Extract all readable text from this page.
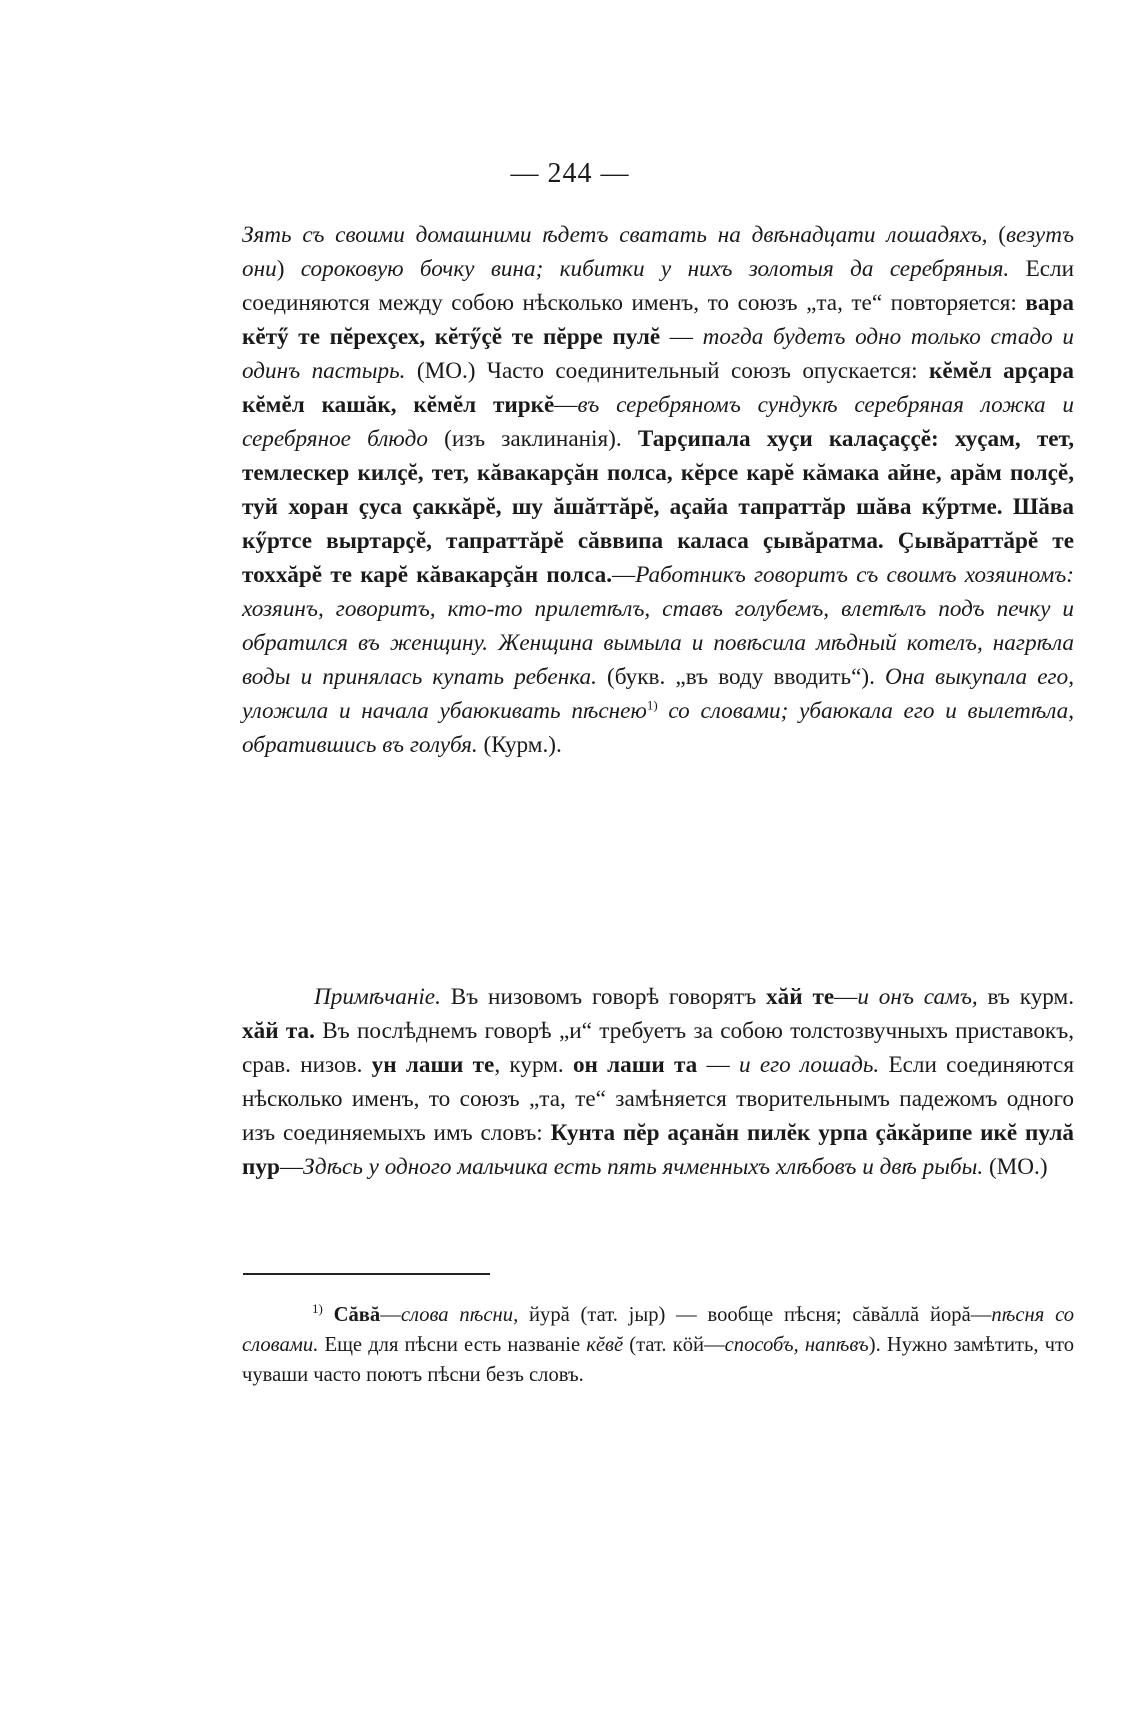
— 244 —
Зять съ своими домашними ѣдетъ сватать на двѣнадцати лошадяхъ, (везутъ они) сороковую бочку вина; кибитки у нихъ золотыя да серебряныя. Если соединяются между собою нѣсколько именъ, то союзъ „та, те“ повторяется: вара кĕтӳ те пĕрехçех, кĕтӳçĕ те пĕрре пулĕ — тогда будетъ одно только стадо и одинъ пастырь. (МО.) Часто соединительный союзъ опускается: кĕмĕл арҫара кĕмĕл кашăк, кĕмĕл тиркĕ—въ серебряномъ сундукѣ серебряная ложка и серебряное блюдо (изъ заклинанія). Тарçипала хуçи калаçаççĕ: хуçам, тет, темлескер килҫĕ, тет, кăвакарçăн полса, кĕрсе карĕ кăмака айне, арăм полҫĕ, туй хоран çуса çаккăрĕ, шу ăшăттăрĕ, аҫайа тапраттăр шăва кӳртме. Шăва кӳртсе выртарҫĕ, тапраттăрĕ сăввипа каласа çывăратма. Çывăраттăрĕ те тоххăрĕ те карĕ кăвакарçăн полса.—Работникъ говоритъ съ своимъ хозяиномъ: хозяинъ, говоритъ, кто-то прилетѣлъ, ставъ голубемъ, влетѣлъ подъ печку и обратился въ женщину. Женщина вымыла и повѣсила мѣдный котелъ, нагрѣла воды и принялась купать ребенка. (букв. „въ воду вводить“). Она выкупала его, уложила и начала убаюкивать пѣснею$^{1)}$ со словами; убаюкала его и вылетѣла, обратившись въ голубя. (Курм.).
Примѣчаніе. Въ низовомъ говорѣ говорятъ хăй те—и онъ самъ, въ курм. хăй та. Въ послѣднемъ говорѣ „и“ требуетъ за собою толстозвучныхъ приставокъ, срав. низов. ун лаши те, курм. он лаши та — и его лошадь. Если соединяются нѣсколько именъ, то союзъ „та, те“ замѣняется творительнымъ падежомъ одного изъ соединяемыхъ имъ словъ: Кунта пĕр аҫанăн пилĕк урпа çăкăрипе икĕ пулă пур—Здѣсь у одного мальчика есть пять ячменныхъ хлѣбовъ и двѣ рыбы. (МО.)
$^{1)}$ Сăвă—слова пѣсни, йурă (тат. јыр) — вообще пѣсня; сăвăллă йорă—пѣсня со словами. Еще для пѣсни есть названіе кĕвĕ (тат. кӧй—способъ, напѣвъ). Нужно замѣтить, что чуваши часто поютъ пѣсни безъ словъ.
